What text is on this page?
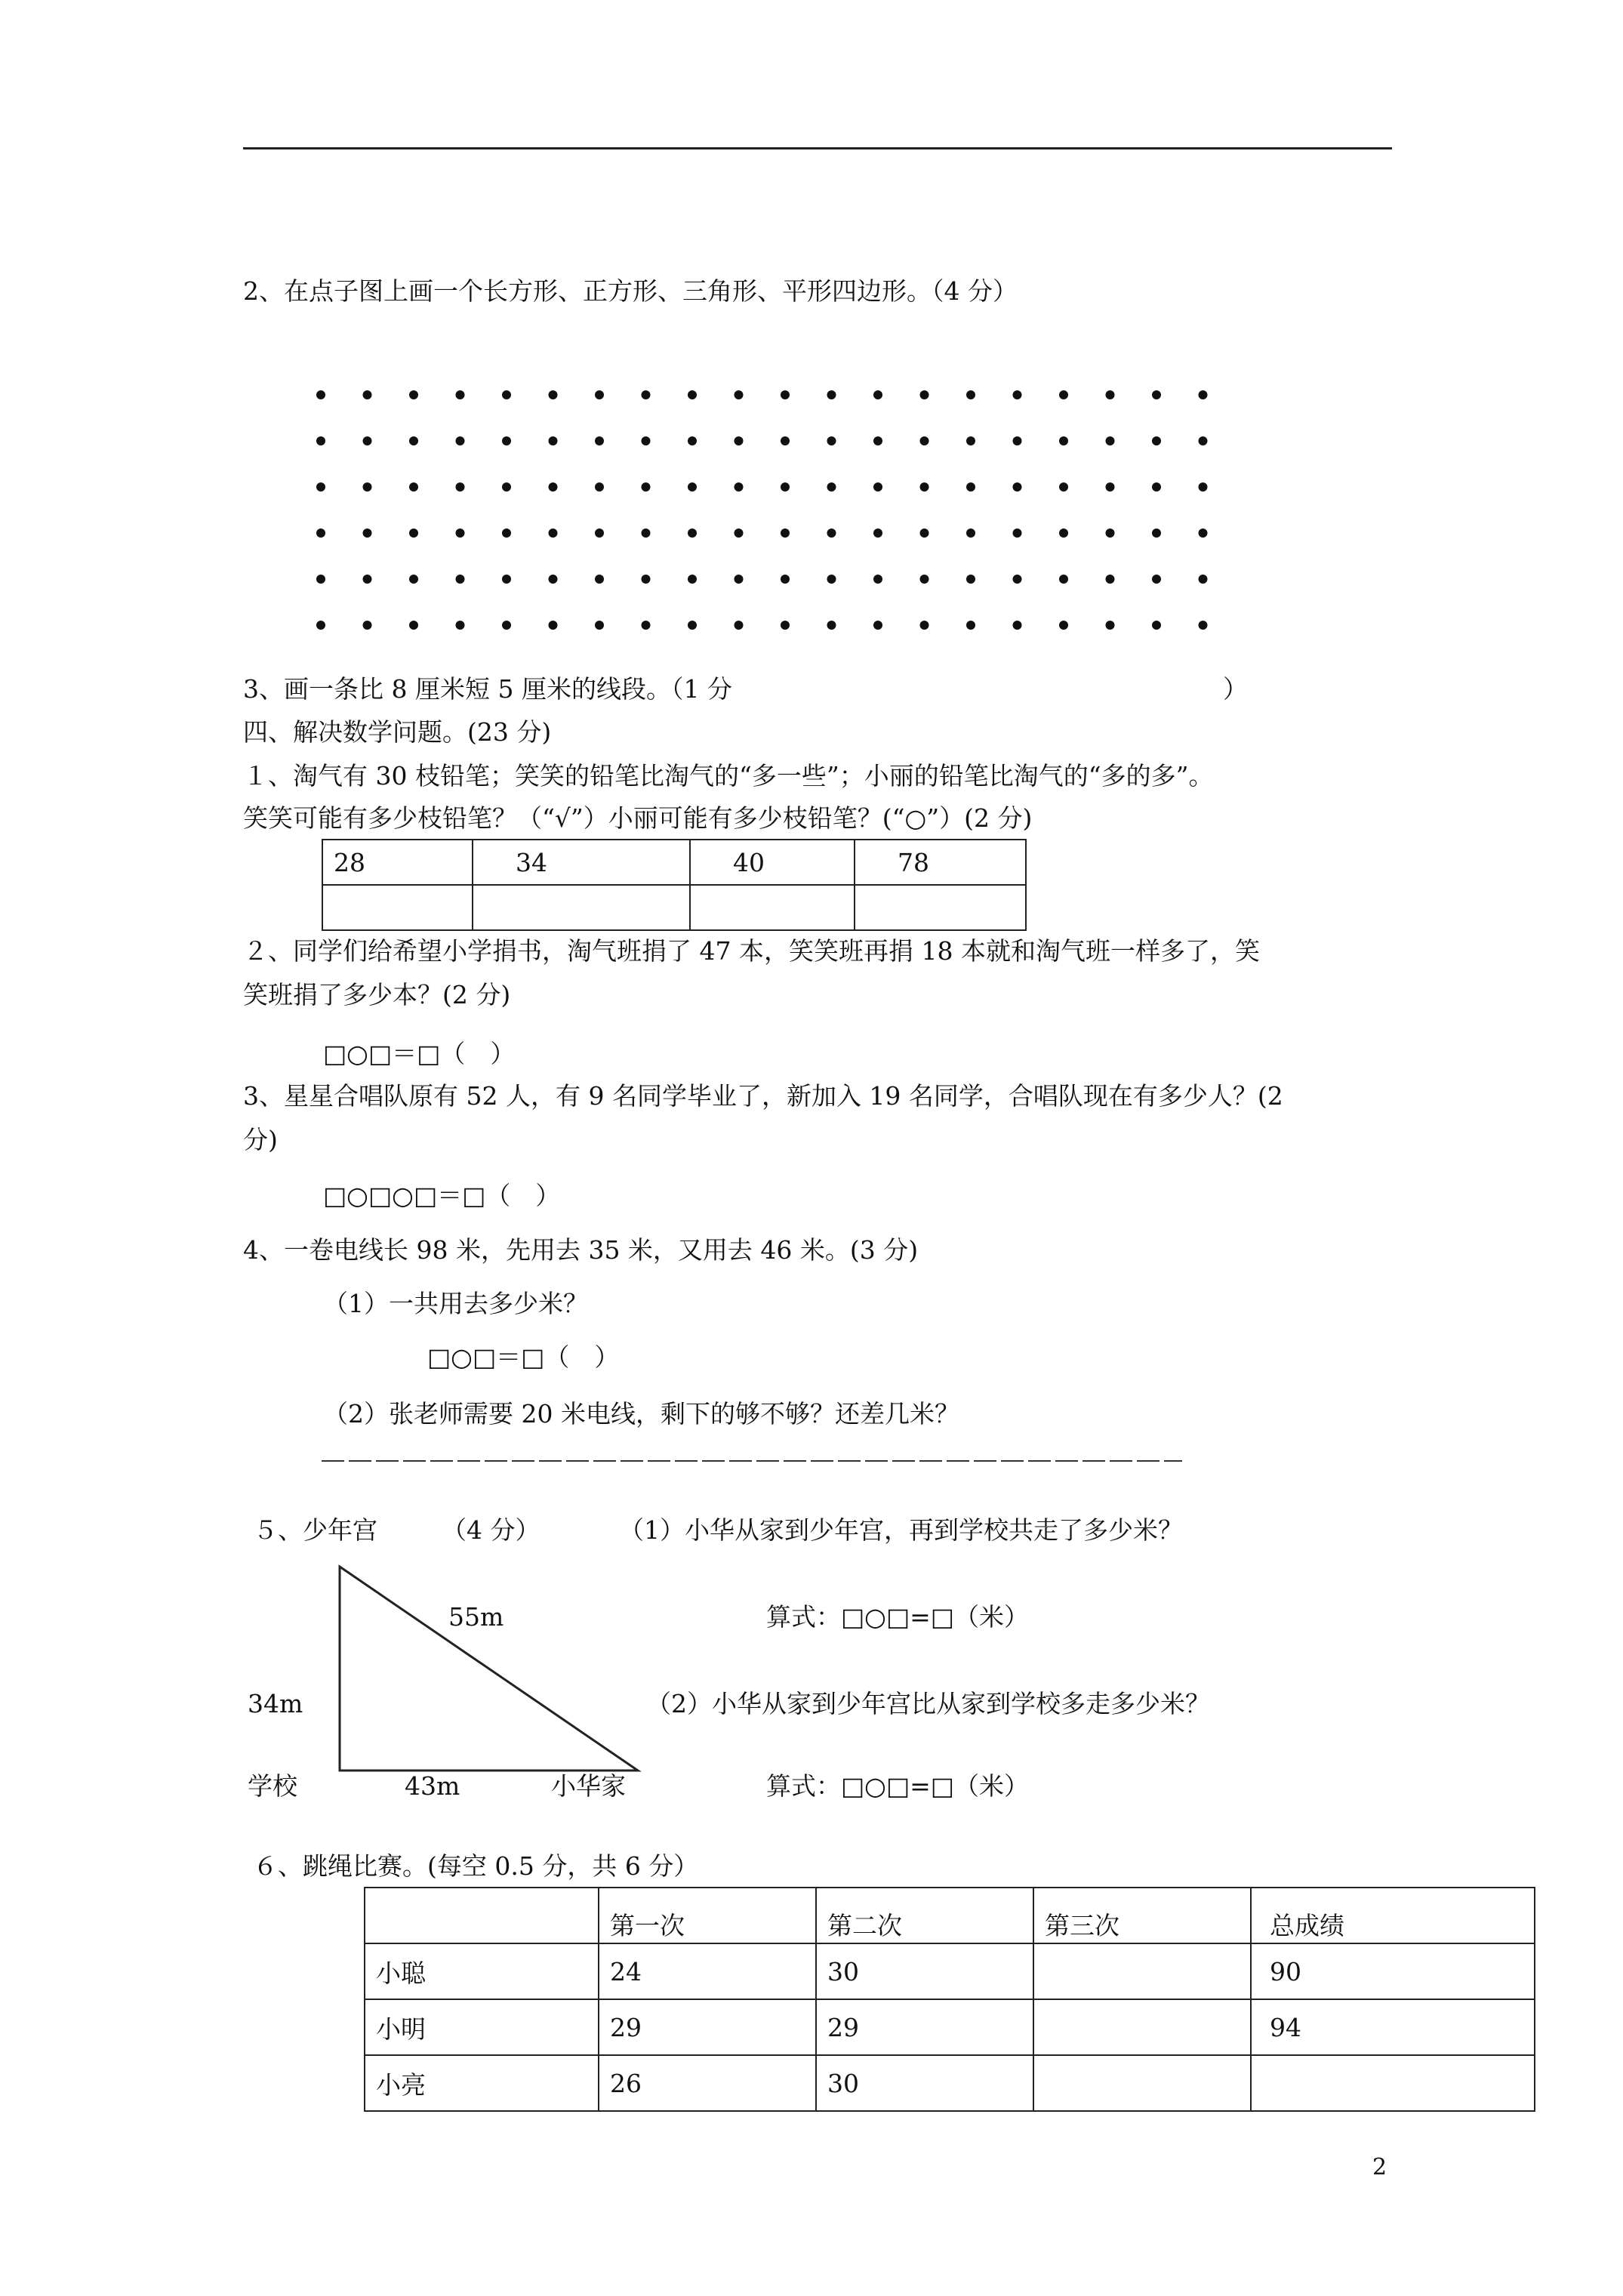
2、在点子图上画一个长方形、正方形、三角形、平形四边形。（4 分）
3、画一条比 8 厘米短 5 厘米的线段。（1 分	）
四、解决数学问题。(23 分)
１、淘气有 30 枝铅笔；笑笑的铅笔比淘气的“多一些”；小丽的铅笔比淘气的“多的多”。
笑笑可能有多少枝铅笔？（“√”）小丽可能有多少枝铅笔？(“○”）(2 分)
28	34	40	78

２、同学们给希望小学捐书，淘气班捐了 47 本，笑笑班再捐 18 本就和淘气班一样多了，笑
笑班捐了多少本？(2 分)
□○□＝□（　）
3、星星合唱队原有 52 人，有 9 名同学毕业了，新加入 19 名同学，合唱队现在有多少人？(2
分)
□○□○□＝□（　）
4、一卷电线长 98 米，先用去 35 米，又用去 46 米。(3 分)
（1）一共用去多少米？
□○□＝□（　）
（2）张老师需要 20 米电线，剩下的够不够？还差几米？
５、少年宫	（4 分）	（1）小华从家到少年宫，再到学校共走了多少米？
算式：□○□=□（米）
（2）小华从家到少年宫比从家到学校多走多少米？
算式：□○□=□（米）
55m
34m
学校	43m	小华家
６、跳绳比赛。(每空 0.5 分，共 6 分）
	第一次	第二次	第三次	总成绩
小聪	24	30		90
小明	29	29		94
小亮	26	30		
2
